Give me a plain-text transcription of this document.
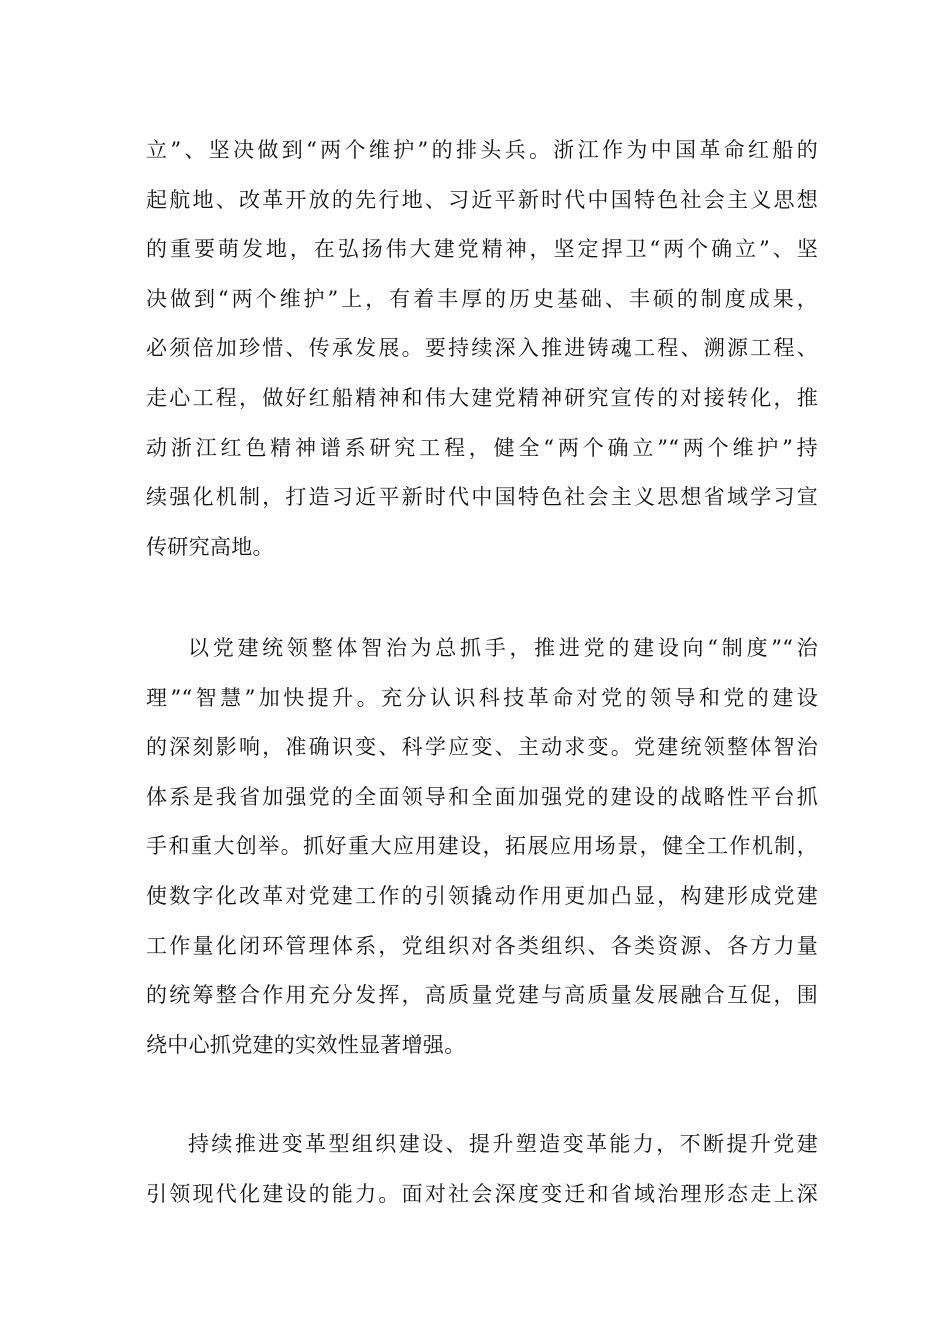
立”、坚决做到“两个维护”的排头兵。浙江作为中国革命红船的
起航地、改革开放的先行地、习近平新时代中国特色社会主义思想
的重要萌发地，在弘扬伟大建党精神，坚定捍卫“两个确立”、坚
决做到“两个维护”上，有着丰厚的历史基础、丰硕的制度成果，
必须倍加珍惜、传承发展。要持续深入推进铸魂工程、溯源工程、
走心工程，做好红船精神和伟大建党精神研究宣传的对接转化，推
动浙江红色精神谱系研究工程，健全“两个确立”“两个维护”持
续强化机制，打造习近平新时代中国特色社会主义思想省域学习宣
传研究高地。
以党建统领整体智治为总抓手，推进党的建设向“制度”“治
理”“智慧”加快提升。充分认识科技革命对党的领导和党的建设
的深刻影响，准确识变、科学应变、主动求变。党建统领整体智治
体系是我省加强党的全面领导和全面加强党的建设的战略性平台抓
手和重大创举。抓好重大应用建设，拓展应用场景，健全工作机制，
使数字化改革对党建工作的引领撬动作用更加凸显，构建形成党建
工作量化闭环管理体系，党组织对各类组织、各类资源、各方力量
的统筹整合作用充分发挥，高质量党建与高质量发展融合互促，围
绕中心抓党建的实效性显著增强。
持续推进变革型组织建设、提升塑造变革能力，不断提升党建
引领现代化建设的能力。面对社会深度变迁和省域治理形态走上深
